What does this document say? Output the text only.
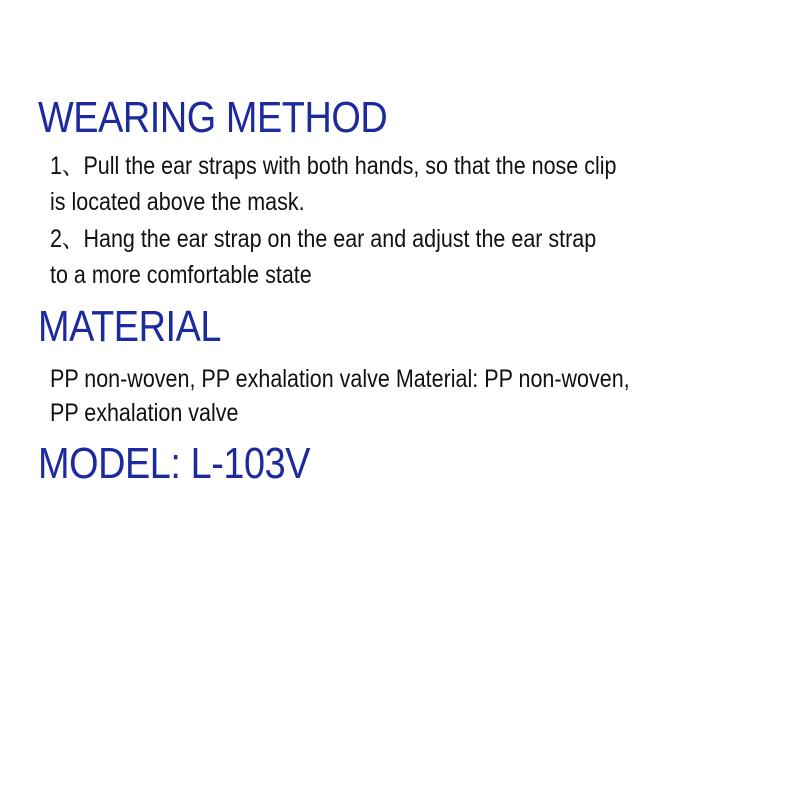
WEARING METHOD

1、Pull the ear straps with both hands, so that the nose clip

is located above the mask.

2、Hang the ear strap on the ear and adjust the ear strap

to a more comfortable state

MATERIAL

PP non-woven, PP exhalation valve Material: PP non-woven,

PP exhalation valve

MODEL: L-103V
